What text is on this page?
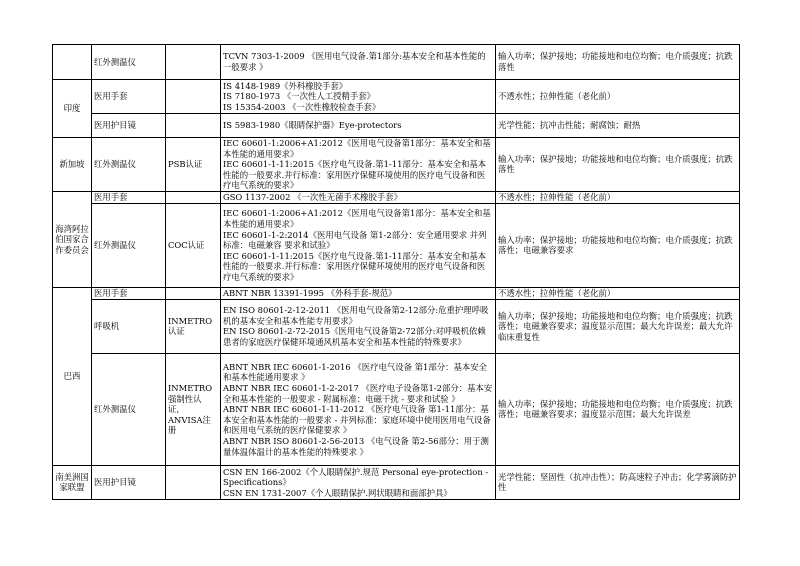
	红外测温仪		TCVN 7303-1-2009 《医用电气设备.第1部分:基本安全和基本性能的一般要求 》	输入功率；保护接地；功能接地和电位均衡；电介质强度；抗跌落性
印度	医用手套		IS 4148-1989《外科橡胶手套》

IS 7180-1973 《一次性人工授精手套》

IS 15354-2003 《一次性橡胶检查手套》	不透水性；拉伸性能（老化前）
	医用护目镜		IS 5983-1980《眼睛保护器》Eye-protectors	光学性能；抗冲击性能；耐腐蚀；耐热
新加坡	红外测温仪	PSB认证	IEC 60601-1:2006+A1:2012《医用电气设备第1部分：基本安全和基本性能的通用要求》

IEC 60601-1-11:2015《医疗电气设备.第1-11部分：基本安全和基本性能的一般要求.并行标准：家用医疗保健环境使用的医疗电气设备和医疗电气系统的要求》	输入功率；保护接地；功能接地和电位均衡；电介质强度；抗跌落性
海湾阿拉伯国家合作委员会	医用手套		GSO 1137-2002 《一次性无菌手术橡胶手套》	不透水性；拉伸性能（老化前）
	红外测温仪	COC认证	IEC 60601-1:2006+A1:2012《医用电气设备第1部分：基本安全和基本性能的通用要求》

IEC 60601-1-2:2014《医用电气设备 第1-2部分：安全通用要求 并列标准：电磁兼容 要求和试验》

IEC 60601-1-11:2015《医疗电气设备.第1-11部分：基本安全和基本性能的一般要求.并行标准：家用医疗保健环境使用的医疗电气设备和医疗电气系统的要求》	输入功率；保护接地；功能接地和电位均衡；电介质强度；抗跌落性；电磁兼容要求
巴西	医用手套		ABNT NBR 13391-1995 《外科手套-规范》	不透水性；拉伸性能（老化前）
	呼吸机	INMETRO认证	EN ISO 80601-2-12-2011 《医用电气设备第2-12部分:危重护理呼吸机的基本安全和基本性能专用要求》

EN ISO 80601-2-72-2015《医用电气设备第2-72部分:对呼吸机依赖患者的家庭医疗保健环境通风机基本安全和基本性能的特殊要求》	输入功率；保护接地；功能接地和电位均衡；电介质强度；抗跌落性；电磁兼容要求；温度显示范围；最大允许误差；最大允许临床重复性
	红外测温仪	INMETRO强制性认证，ANVISA注册	ABNT NBR IEC 60601-1-2016 《医疗电气设备 第1部分：基本安全和基本性能通用要求 》

ABNT NBR IEC 60601-1-2-2017 《医疗电子设备第1-2部分：基本安全和基本性能的一般要求 - 附属标准：电磁干扰 - 要求和试验 》

ABNT NBR IEC 60601-1-11-2012 《医疗电气设备 第1-11部分：基本安全和基本性能的一般要求 - 并列标准：家庭环境中使用医用电气设备和医用电气系统的医疗保健要求 》

ABNT NBR ISO 80601-2-56-2013 《电气设备 第2-56部分：用于测量体温体温计的基本性能的特殊要求 》	输入功率；保护接地；功能接地和电位均衡；电介质强度；抗跌落性；电磁兼容要求；温度显示范围；最大允许误差
南美洲国家联盟	医用护目镜		CSN EN 166-2002《个人眼睛保护.规范 Personal eye-protection - Specifications》

CSN EN 1731-2007《个人眼睛保护.网状眼睛和面部护具》	光学性能；坚固性（抗冲击性）；防高速粒子冲击；化学雾滴防护性
